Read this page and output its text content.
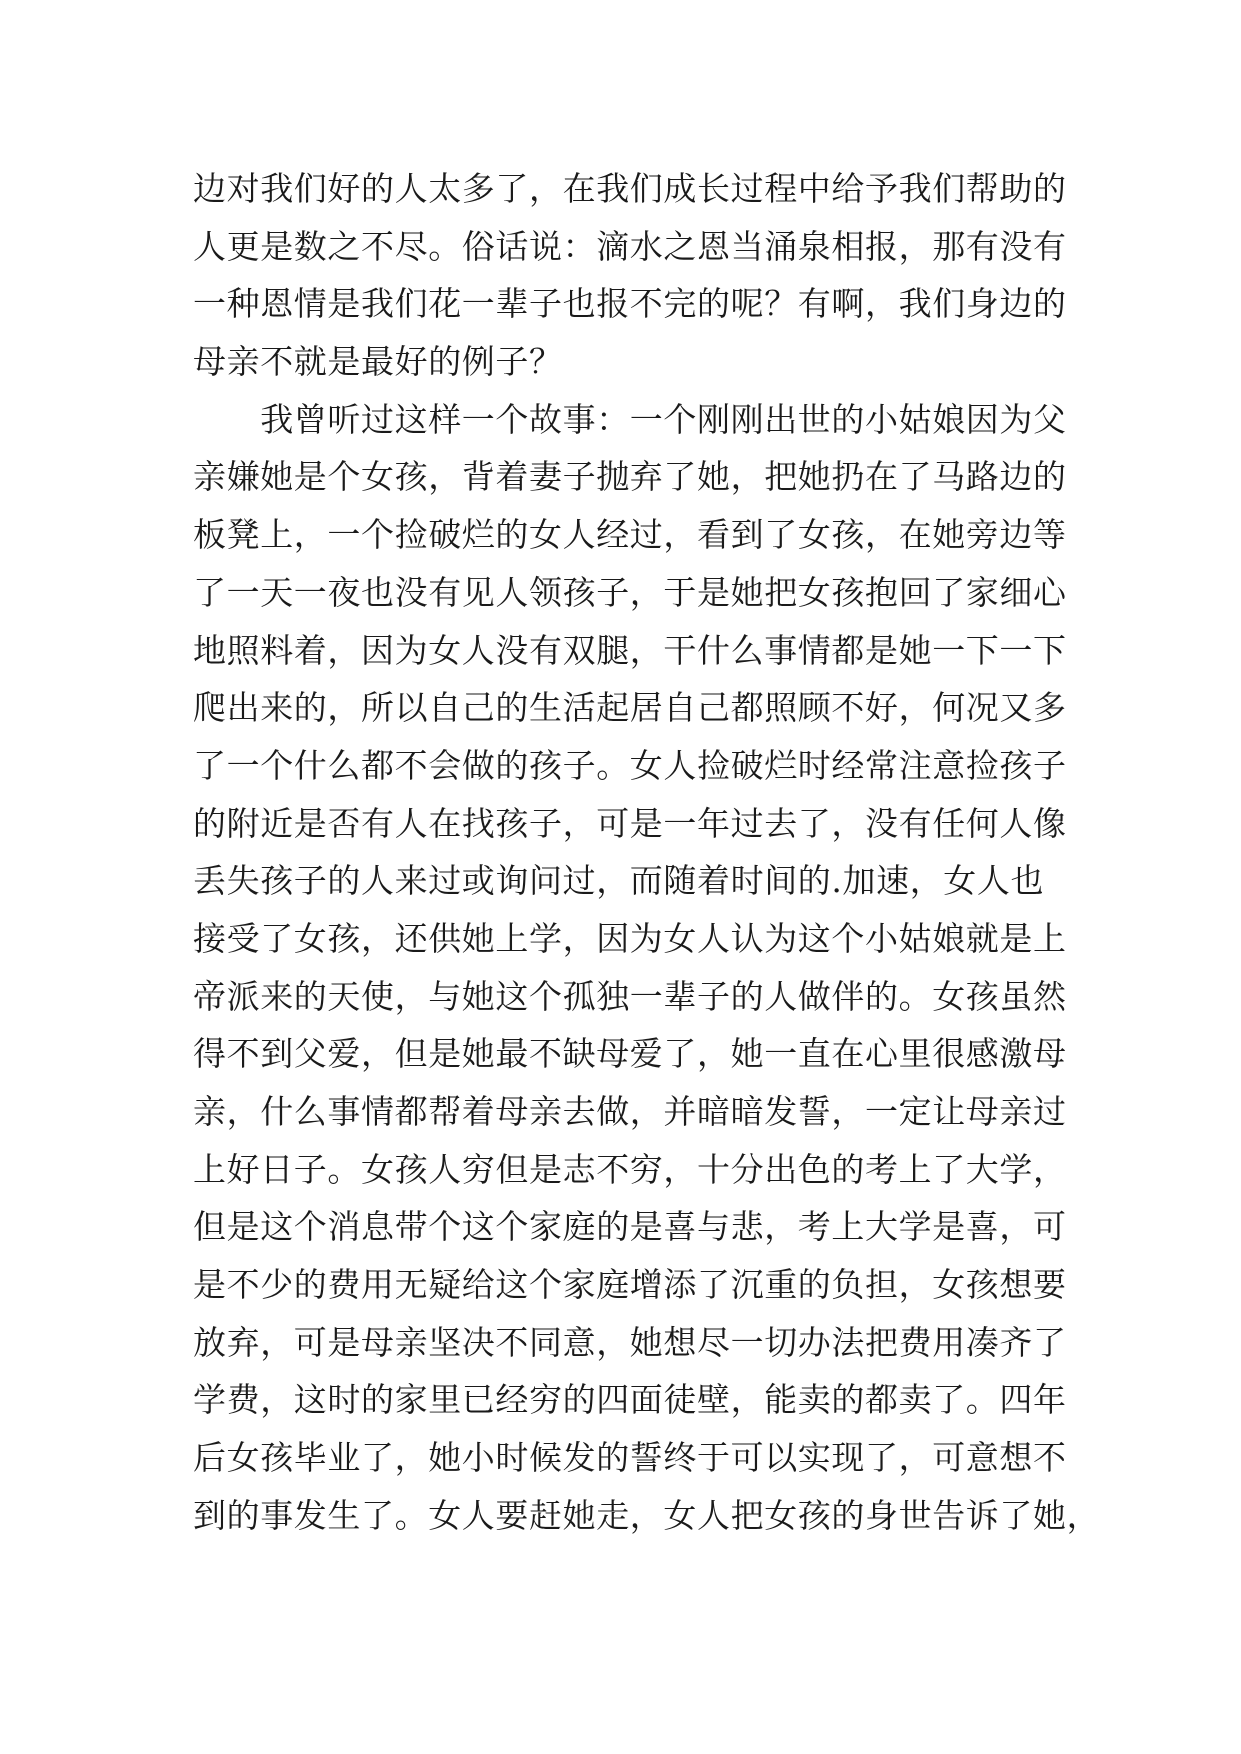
边对我们好的人太多了，在我们成长过程中给予我们帮助的
人更是数之不尽。俗话说：滴水之恩当涌泉相报，那有没有
一种恩情是我们花一辈子也报不完的呢？有啊，我们身边的
母亲不就是最好的例子？
　　我曾听过这样一个故事：一个刚刚出世的小姑娘因为父
亲嫌她是个女孩，背着妻子抛弃了她，把她扔在了马路边的
板凳上，一个捡破烂的女人经过，看到了女孩，在她旁边等
了一天一夜也没有见人领孩子，于是她把女孩抱回了家细心
地照料着，因为女人没有双腿，干什么事情都是她一下一下
爬出来的，所以自己的生活起居自己都照顾不好，何况又多
了一个什么都不会做的孩子。女人捡破烂时经常注意捡孩子
的附近是否有人在找孩子，可是一年过去了，没有任何人像
丢失孩子的人来过或询问过，而随着时间的.加速，女人也
接受了女孩，还供她上学，因为女人认为这个小姑娘就是上
帝派来的天使，与她这个孤独一辈子的人做伴的。女孩虽然
得不到父爱，但是她最不缺母爱了，她一直在心里很感激母
亲，什么事情都帮着母亲去做，并暗暗发誓，一定让母亲过
上好日子。女孩人穷但是志不穷，十分出色的考上了大学，
但是这个消息带个这个家庭的是喜与悲，考上大学是喜，可
是不少的费用无疑给这个家庭增添了沉重的负担，女孩想要
放弃，可是母亲坚决不同意，她想尽一切办法把费用凑齐了
学费，这时的家里已经穷的四面徒壁，能卖的都卖了。四年
后女孩毕业了，她小时候发的誓终于可以实现了，可意想不
到的事发生了。女人要赶她走，女人把女孩的身世告诉了她，
